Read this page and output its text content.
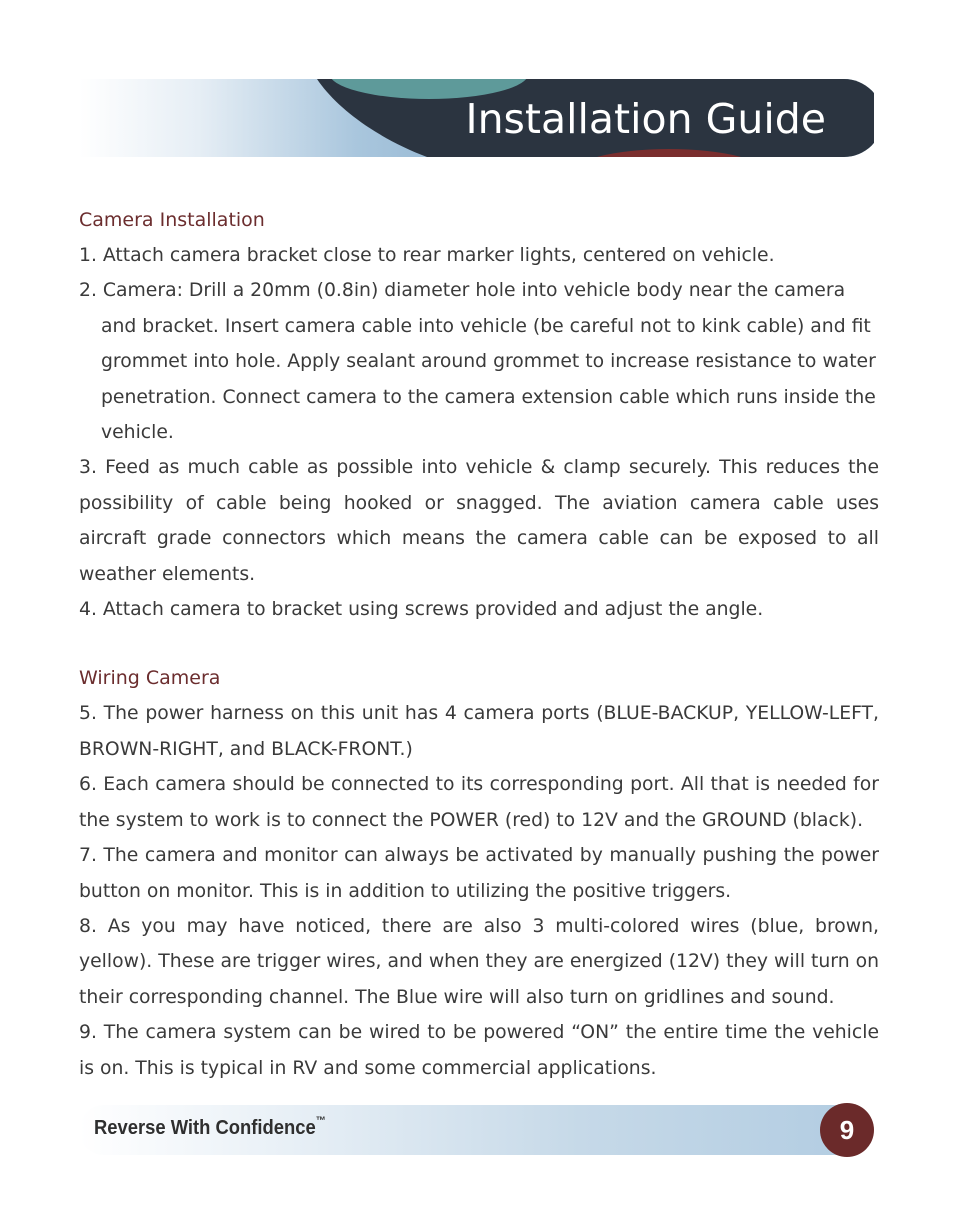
Installation Guide
Camera Installation

1. Attach camera bracket close to rear marker lights, centered on vehicle.

2. Camera: Drill a 20mm (0.8in) diameter hole into vehicle body near the camera and bracket. Insert camera cable into vehicle (be careful not to kink cable) and fit grommet into hole. Apply sealant around grommet to increase resistance to water penetration. Connect camera to the camera extension cable which runs inside the vehicle.

3. Feed as much cable as possible into vehicle & clamp securely. This reduces the possibility of cable being hooked or snagged. The aviation camera cable uses aircraft grade connectors which means the camera cable can be exposed to all weather elements.

4. Attach camera to bracket using screws provided and adjust the angle.

Wiring Camera

5. The power harness on this unit has 4 camera ports (BLUE-BACKUP, YELLOW-LEFT, BROWN-RIGHT, and BLACK-FRONT.)

6. Each camera should be connected to its corresponding port. All that is needed for the system to work is to connect the POWER (red) to 12V and the GROUND (black).

7. The camera and monitor can always be activated by manually pushing the power button on monitor. This is in addition to utilizing the positive triggers.

8. As you may have noticed, there are also 3 multi-colored wires (blue, brown, yellow). These are trigger wires, and when they are energized (12V) they will turn on their corresponding channel. The Blue wire will also turn on gridlines and sound.

9. The camera system can be wired to be powered “ON” the entire time the vehicle is on. This is typical in RV and some commercial applications.

Reverse With Confidence™	9
